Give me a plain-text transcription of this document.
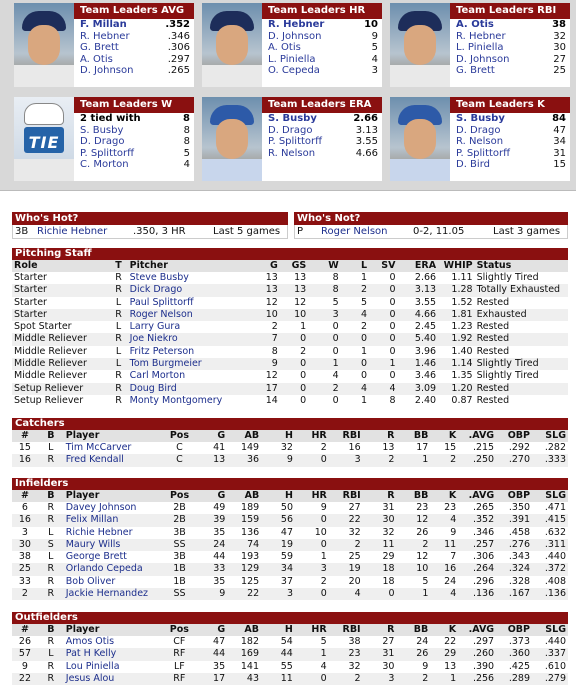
Team Leaders AVG
F. Millan	.352
R. Hebner	.346
G. Brett	.306
A. Otis	.297
D. Johnson	.265
Team Leaders HR
R. Hebner	10
D. Johnson	9
A. Otis	5
L. Piniella	4
O. Cepeda	3
Team Leaders RBI
A. Otis	38
R. Hebner	32
L. Piniella	30
D. Johnson	27
G. Brett	25
TIE
Team Leaders W
2 tied with	8
S. Busby	8
D. Drago	8
P. Splittorff	5
C. Morton	4
Team Leaders ERA
S. Busby	2.66
D. Drago	3.13
P. Splittorff	3.55
R. Nelson	4.66
Team Leaders K
S. Busby	84
D. Drago	47
R. Nelson	34
P. Splittorff	31
D. Bird	15
Who's Hot?
3B Richie Hebner	.350, 3 HR	Last 5 games
Who's Not?
P	Roger Nelson	0-2, 11.05	Last 3 games
Pitching Staff
Role	T	Pitcher	G	GS	W	L	SV	ERA	WHIP	Status
Starter	R	Steve Busby	13	13	8	1	0	2.66	1.11	Slightly Tired
Starter	R	Dick Drago	13	13	8	2	0	3.13	1.28	Totally Exhausted
Starter	L	Paul Splittorff	12	12	5	5	0	3.55	1.52	Rested
Starter	R	Roger Nelson	10	10	3	4	0	4.66	1.81	Exhausted
Spot Starter	L	Larry Gura	2	1	0	2	0	2.45	1.23	Rested
Middle Reliever	R	Joe Niekro	7	0	0	0	0	5.40	1.92	Rested
Middle Reliever	L	Fritz Peterson	8	2	0	1	0	3.96	1.40	Rested
Middle Reliever	L	Tom Burgmeier	9	0	1	0	1	1.46	1.14	Slightly Tired
Middle Reliever	R	Carl Morton	12	0	4	0	0	3.46	1.35	Slightly Tired
Setup Reliever	R	Doug Bird	17	0	2	4	4	3.09	1.20	Rested
Setup Reliever	R	Monty Montgomery	14	0	0	1	8	2.40	0.87	Rested
Catchers
#	B	Player	Pos	G	AB	H	HR	RBI	R	BB	K	.AVG	OBP	SLG
15	L	Tim McCarver	C	41	149	32	2	16	13	17	15	.215	.292	.282
16	R	Fred Kendall	C	13	36	9	0	3	2	1	2	.250	.270	.333
Infielders
#	B	Player	Pos	G	AB	H	HR	RBI	R	BB	K	.AVG	OBP	SLG
6	R	Davey Johnson	2B	49	189	50	9	27	31	23	23	.265	.350	.471
16	R	Felix Millan	2B	39	159	56	0	22	30	12	4	.352	.391	.415
3	L	Richie Hebner	3B	35	136	47	10	32	32	26	9	.346	.458	.632
30	S	Maury Wills	SS	24	74	19	0	2	11	2	11	.257	.276	.311
38	L	George Brett	3B	44	193	59	1	25	29	12	7	.306	.343	.440
25	R	Orlando Cepeda	1B	33	129	34	3	19	18	10	16	.264	.324	.372
33	R	Bob Oliver	1B	35	125	37	2	20	18	5	24	.296	.328	.408
2	R	Jackie Hernandez	SS	9	22	3	0	4	0	1	4	.136	.167	.136
Outfielders
#	B	Player	Pos	G	AB	H	HR	RBI	R	BB	K	.AVG	OBP	SLG
26	R	Amos Otis	CF	47	182	54	5	38	27	24	22	.297	.373	.440
57	L	Pat H Kelly	RF	44	169	44	1	23	31	26	29	.260	.360	.337
9	R	Lou Piniella	LF	35	141	55	4	32	30	9	13	.390	.425	.610
22	R	Jesus Alou	RF	17	43	11	0	2	3	2	1	.256	.289	.279
